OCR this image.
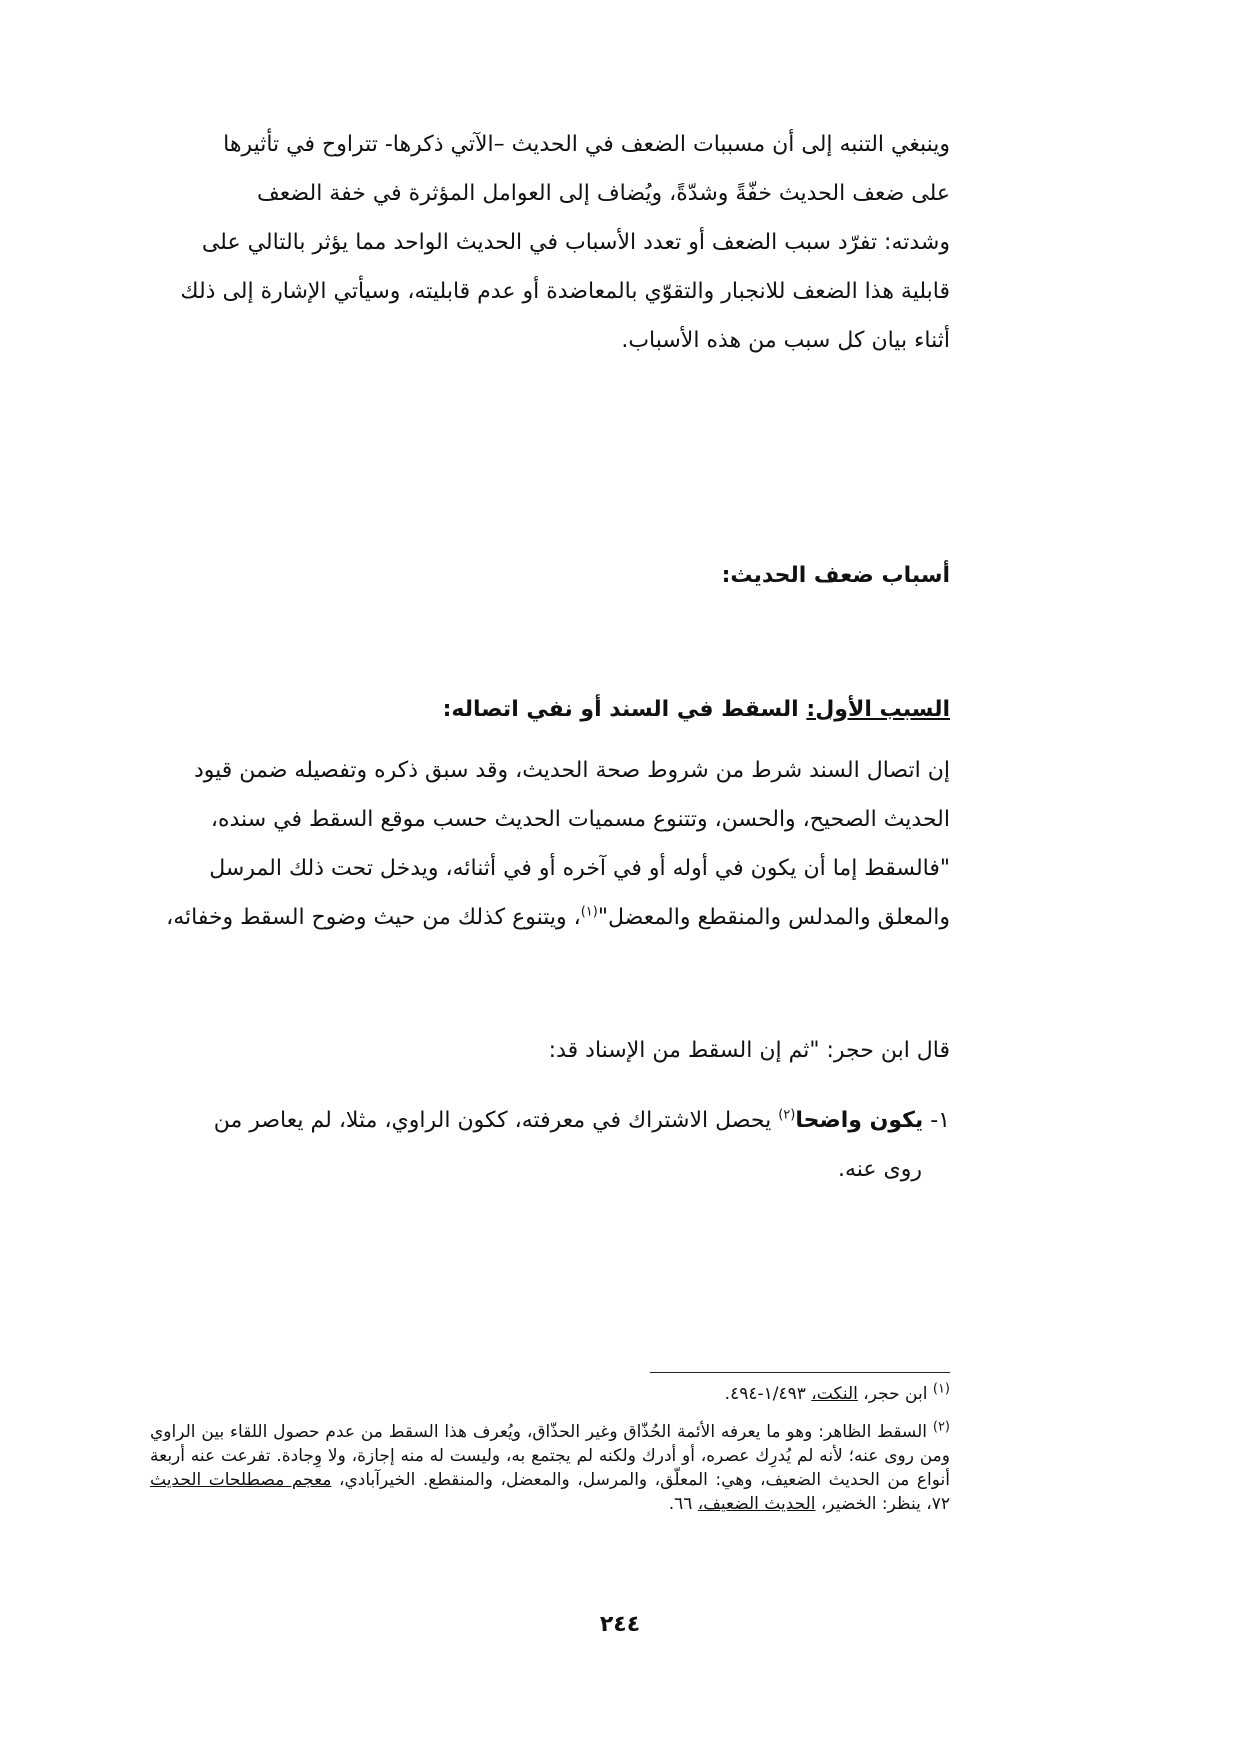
وينبغي التنبه إلى أن مسببات الضعف في الحديث –الآتي ذكرها- تتراوح في تأثيرها
على ضعف الحديث خفّةً وشدّةً، ويُضاف إلى العوامل المؤثرة في خفة الضعف
وشدته: تفرّد سبب الضعف أو تعدد الأسباب في الحديث الواحد مما يؤثر بالتالي على
قابلية هذا الضعف للانجبار والتقوّي بالمعاضدة أو عدم قابليته، وسيأتي الإشارة إلى ذلك
أثناء بيان كل سبب من هذه الأسباب.

أسباب ضعف الحديث:
السبب الأول: السقط في السند أو نفي اتصاله:

إن اتصال السند شرط من شروط صحة الحديث، وقد سبق ذكره وتفصيله ضمن قيود
الحديث الصحيح، والحسن، وتتنوع مسميات الحديث حسب موقع السقط في سنده،
"فالسقط إما أن يكون في أوله أو في آخره أو في أثنائه، ويدخل تحت ذلك المرسل
والمعلق والمدلس والمنقطع والمعضل"$^{(١)}$، ويتنوع كذلك من حيث وضوح السقط وخفائه،

قال ابن حجر: "ثم إن السقط من الإسناد قد:

١- يكون واضحا$^{(٢)}$ يحصل الاشتراك في معرفته، ككون الراوي، مثلا، لم يعاصر من
روى عنه.

$^{(١)}$ ابن حجر، النكت، ١/٤٩٣-٤٩٤.

$^{(٢)}$ السقط الظاهر: وهو ما يعرفه الأئمة الحُذّاق وغير الحذّاق، ويُعرف هذا السقط من عدم حصول اللقاء بين الراوي ومن روى عنه؛ لأنه لم يُدرِك عصره، أو أدرك ولكنه لم يجتمع به، وليست له منه إجازة، ولا وِجادة. تفرعت عنه أربعة أنواع من الحديث الضعيف، وهي: المعلّق، والمرسل، والمعضل، والمنقطع. الخيرآبادي، معجم مصطلحات الحديث ٧٢، ينظر: الخضير، الحديث الضعيف، ٦٦.

٢٤٤
